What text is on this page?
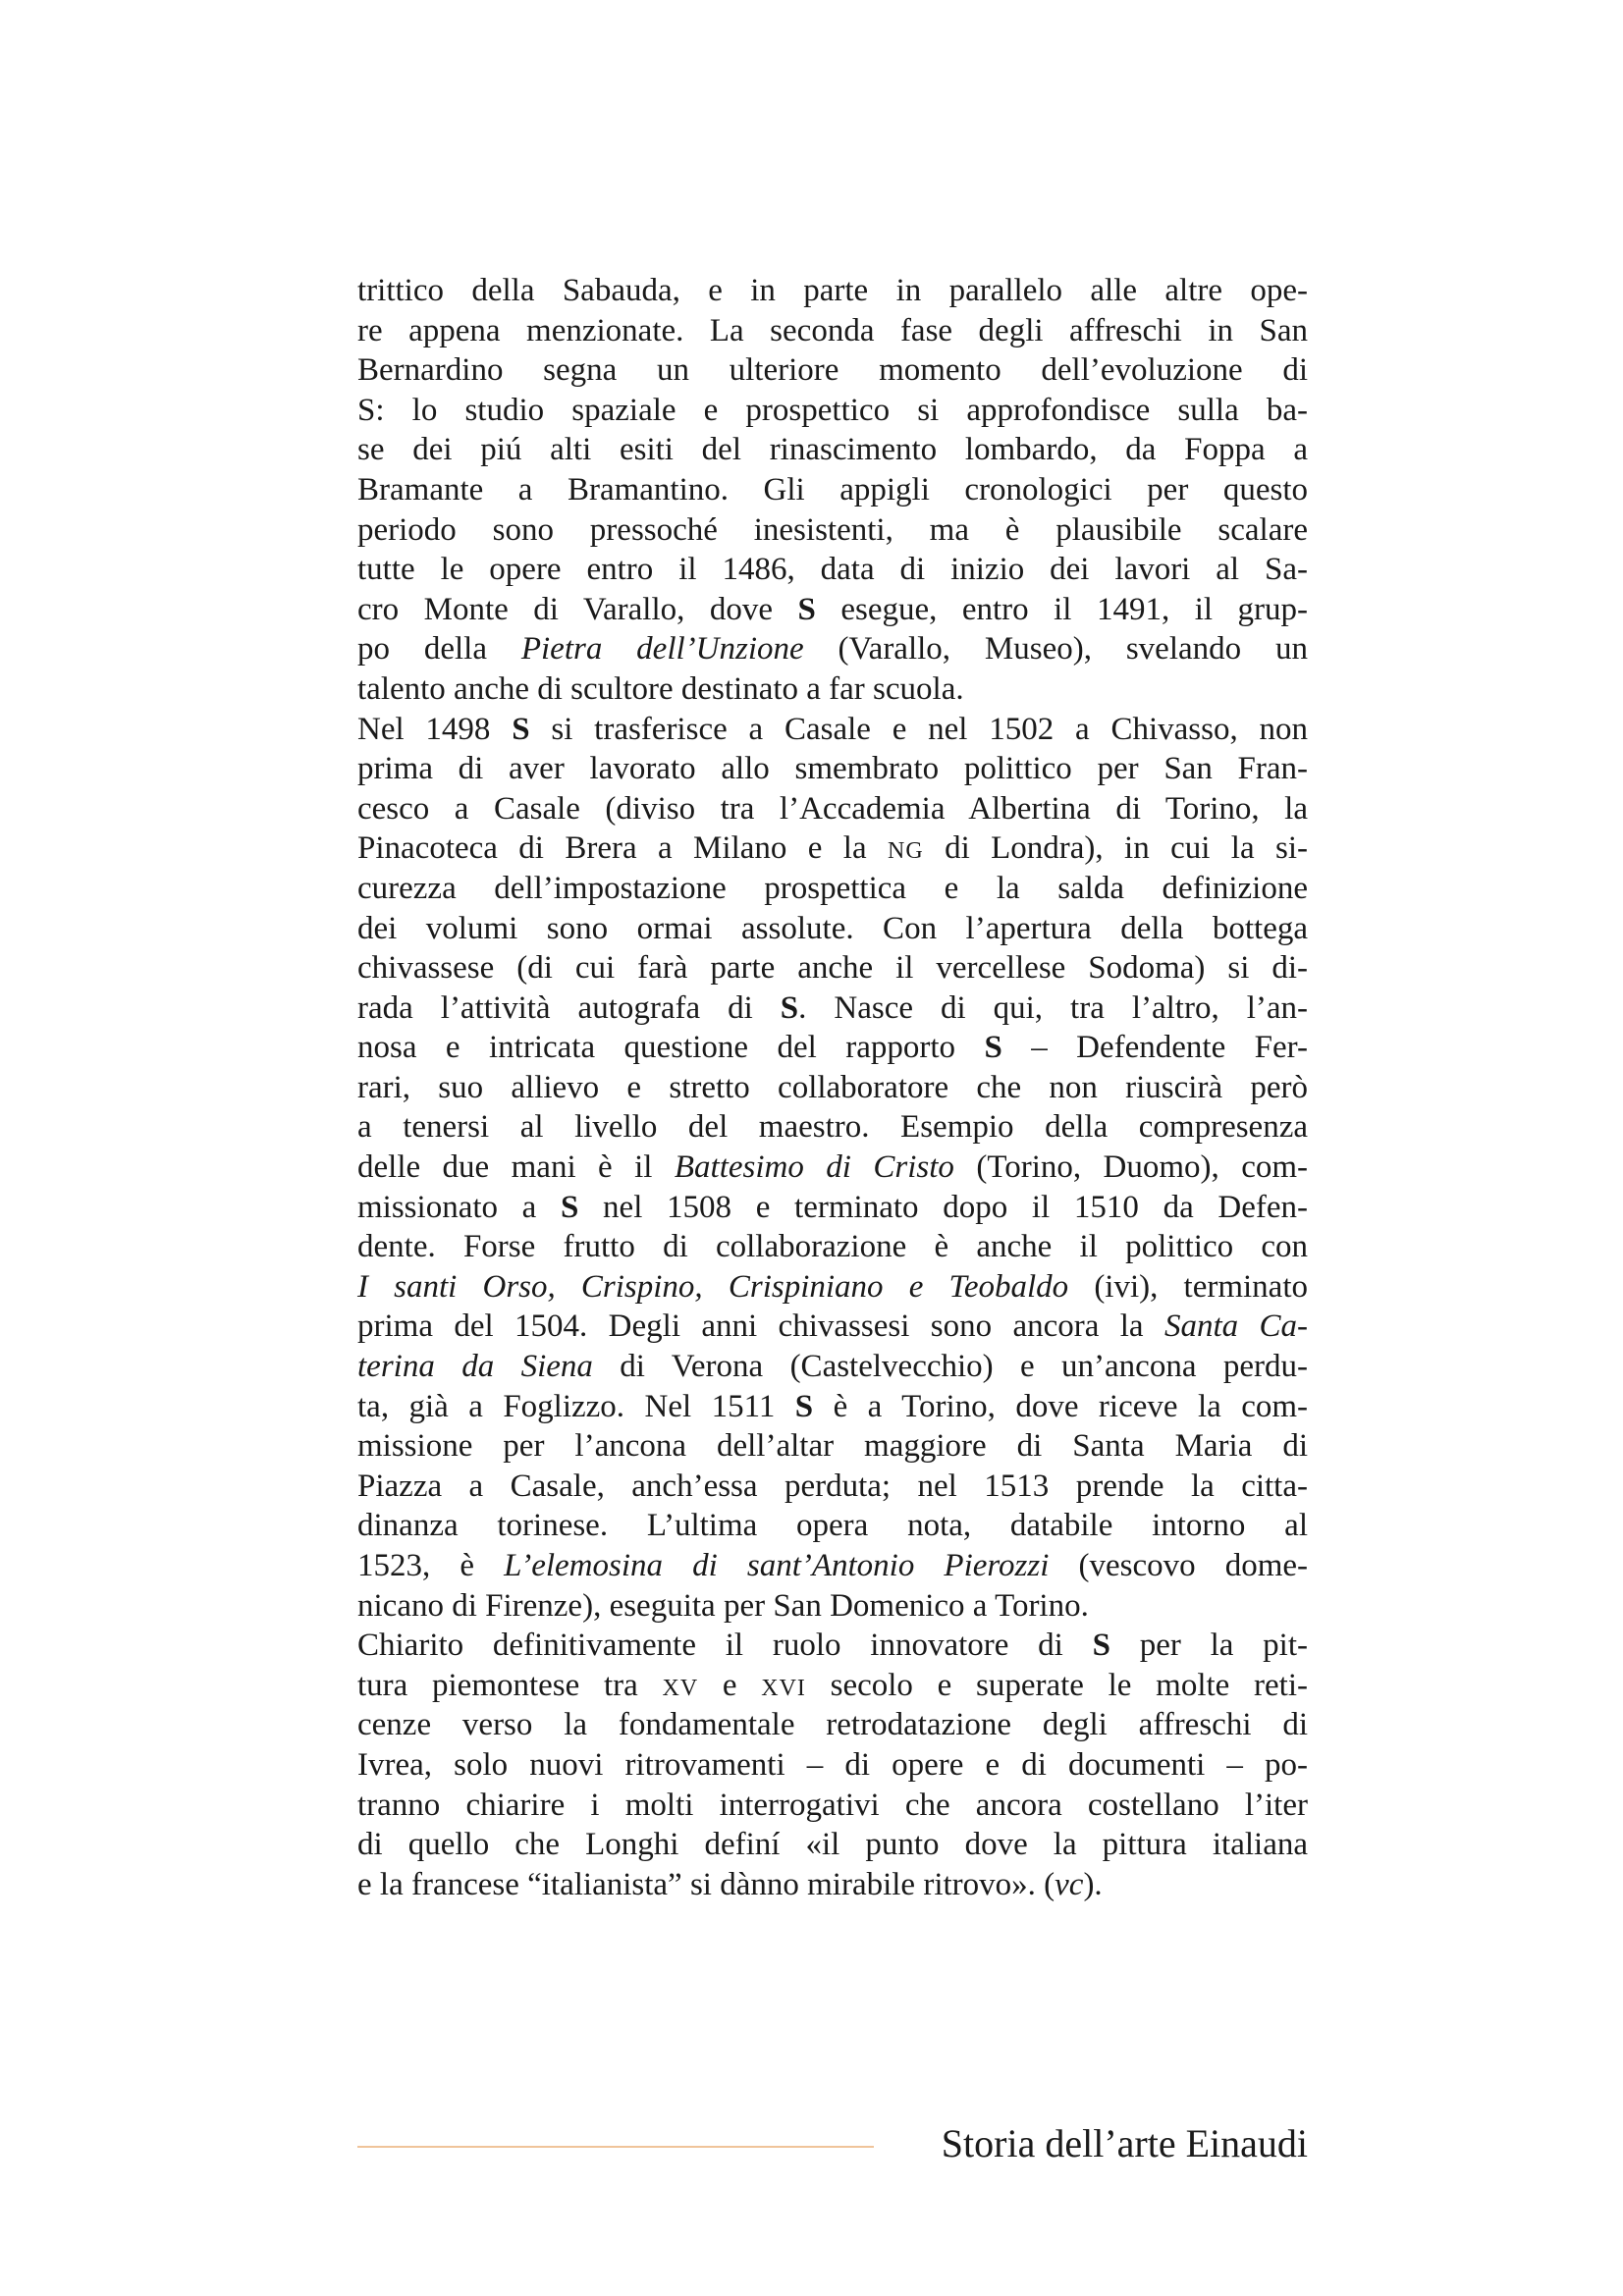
trittico della Sabauda, e in parte in parallelo alle altre ope-
re appena menzionate. La seconda fase degli affreschi in San
Bernardino segna un ulteriore momento dell’evoluzione di
S: lo studio spaziale e prospettico si approfondisce sulla ba-
se dei piú alti esiti del rinascimento lombardo, da Foppa a
Bramante a Bramantino. Gli appigli cronologici per questo
periodo sono pressoché inesistenti, ma è plausibile scalare
tutte le opere entro il 1486, data di inizio dei lavori al Sa-
cro Monte di Varallo, dove S esegue, entro il 1491, il grup-
po della Pietra dell’Unzione (Varallo, Museo), svelando un
talento anche di scultore destinato a far scuola.
Nel 1498 S si trasferisce a Casale e nel 1502 a Chivasso, non
prima di aver lavorato allo smembrato polittico per San Fran-
cesco a Casale (diviso tra l’Accademia Albertina di Torino, la
Pinacoteca di Brera a Milano e la NG di Londra), in cui la si-
curezza dell’impostazione prospettica e la salda definizione
dei volumi sono ormai assolute. Con l’apertura della bottega
chivassese (di cui farà parte anche il vercellese Sodoma) si di-
rada l’attività autografa di S. Nasce di qui, tra l’altro, l’an-
nosa e intricata questione del rapporto S – Defendente Fer-
rari, suo allievo e stretto collaboratore che non riuscirà però
a tenersi al livello del maestro. Esempio della compresenza
delle due mani è il Battesimo di Cristo (Torino, Duomo), com-
missionato a S nel 1508 e terminato dopo il 1510 da Defen-
dente. Forse frutto di collaborazione è anche il polittico con
I santi Orso, Crispino, Crispiniano e Teobaldo (ivi), terminato
prima del 1504. Degli anni chivassesi sono ancora la Santa Ca-
terina da Siena di Verona (Castelvecchio) e un’ancona perdu-
ta, già a Foglizzo. Nel 1511 S è a Torino, dove riceve la com-
missione per l’ancona dell’altar maggiore di Santa Maria di
Piazza a Casale, anch’essa perduta; nel 1513 prende la citta-
dinanza torinese. L’ultima opera nota, databile intorno al
1523, è L’elemosina di sant’Antonio Pierozzi (vescovo dome-
nicano di Firenze), eseguita per San Domenico a Torino.
Chiarito definitivamente il ruolo innovatore di S per la pit-
tura piemontese tra XV e XVI secolo e superate le molte reti-
cenze verso la fondamentale retrodatazione degli affreschi di
Ivrea, solo nuovi ritrovamenti – di opere e di documenti – po-
tranno chiarire i molti interrogativi che ancora costellano l’iter
di quello che Longhi definí «il punto dove la pittura italiana
e la francese “italianista” si dànno mirabile ritrovo». (vc).
Storia dell’arte Einaudi
